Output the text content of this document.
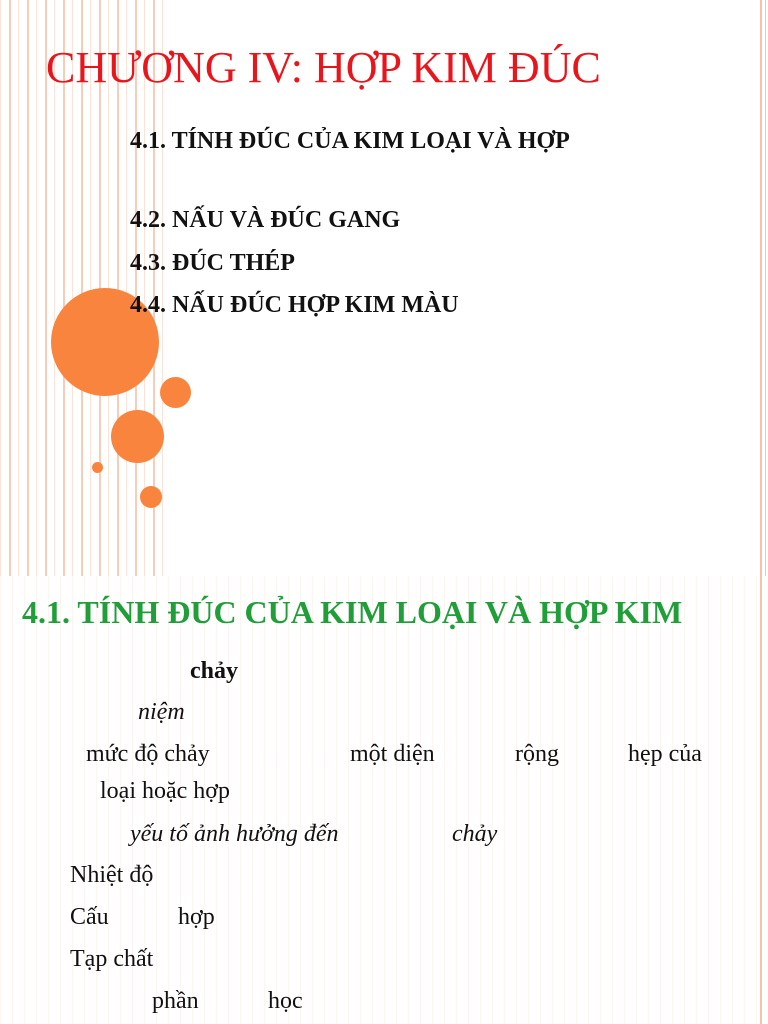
CHƯƠNG IV: HỢP KIM ĐÚC
4.1. TÍNH ĐÚC CỦA KIM LOẠI VÀ HỢP
4.2. NẤU VÀ ĐÚC GANG
4.3. ĐÚC THÉP
4.4. NẤU ĐÚC HỢP KIM MÀU
4.1. TÍNH ĐÚC CỦA KIM LOẠI VÀ HỢP KIM
chảy
niệm
mức độ chảy	một diện	rộng	hẹp của
loại hoặc hợp
yếu tố ảnh hưởng đến	chảy
Nhiệt độ
Cấu	hợp
Tạp chất
phần	học
